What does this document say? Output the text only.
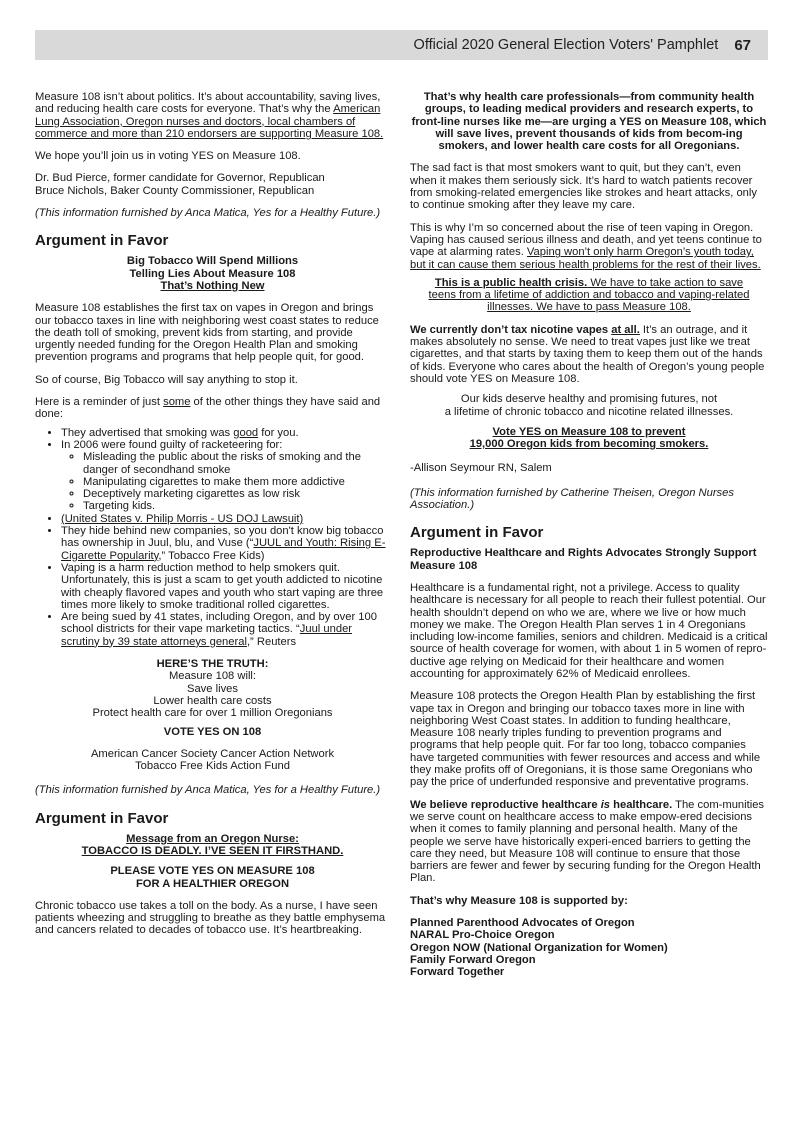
Official 2020 General Election Voters' Pamphlet 67

Measure 108 isn’t about politics. It’s about accountability, saving lives, and reducing health care costs for everyone. That’s why the American Lung Association, Oregon nurses and doctors, local chambers of commerce and more than 210 endorsers are supporting Measure 108.

We hope you’ll join us in voting YES on Measure 108.

Dr. Bud Pierce, former candidate for Governor, Republican
Bruce Nichols, Baker County Commissioner, Republican

(This information furnished by Anca Matica, Yes for a Healthy Future.)

Argument in Favor

Big Tobacco Will Spend Millions
Telling Lies About Measure 108
That’s Nothing New

Measure 108 establishes the first tax on vapes in Oregon and brings our tobacco taxes in line with neighboring west coast states to reduce the death toll of smoking, prevent kids from starting, and provide urgently needed funding for the Oregon Health Plan and smoking prevention programs and programs that help people quit, for good.

So of course, Big Tobacco will say anything to stop it.

Here is a reminder of just some of the other things they have said and done:

• They advertised that smoking was good for you.
• In 2006 were found guilty of racketeering for:
◦ Misleading the public about the risks of smoking and the danger of secondhand smoke
◦ Manipulating cigarettes to make them more addictive
◦ Deceptively marketing cigarettes as low risk
◦ Targeting kids.
• (United States v. Philip Morris - US DOJ Lawsuit)
• They hide behind new companies, so you don't know big tobacco has ownership in Juul, blu, and Vuse (“JUUL and Youth: Rising E-Cigarette Popularity,” Tobacco Free Kids)
• Vaping is a harm reduction method to help smokers quit. Unfortunately, this is just a scam to get youth addicted to nicotine with cheaply flavored vapes and youth who start vaping are three times more likely to smoke traditional rolled cigarettes.
• Are being sued by 41 states, including Oregon, and by over 100 school districts for their vape marketing tactics. “Juul under scrutiny by 39 state attorneys general,” Reuters

HERE’S THE TRUTH:
Measure 108 will:
Save lives
Lower health care costs
Protect health care for over 1 million Oregonians

VOTE YES ON 108

American Cancer Society Cancer Action Network
Tobacco Free Kids Action Fund

(This information furnished by Anca Matica, Yes for a Healthy Future.)

Argument in Favor

Message from an Oregon Nurse:
TOBACCO IS DEADLY. I’VE SEEN IT FIRSTHAND.

PLEASE VOTE YES ON MEASURE 108
FOR A HEALTHIER OREGON

Chronic tobacco use takes a toll on the body. As a nurse, I have seen patients wheezing and struggling to breathe as they battle emphysema and cancers related to decades of tobacco use. It’s heartbreaking.

That’s why health care professionals—from community health groups, to leading medical providers and research experts, to front-line nurses like me—are urging a YES on Measure 108, which will save lives, prevent thousands of kids from becom-ing smokers, and lower health care costs for all Oregonians.

The sad fact is that most smokers want to quit, but they can’t, even when it makes them seriously sick. It’s hard to watch patients recover from smoking-related emergencies like strokes and heart attacks, only to continue smoking after they leave my care.

This is why I’m so concerned about the rise of teen vaping in Oregon. Vaping has caused serious illness and death, and yet teens continue to vape at alarming rates. Vaping won’t only harm Oregon’s youth today, but it can cause them serious health problems for the rest of their lives.

This is a public health crisis. We have to take action to save teens from a lifetime of addiction and tobacco and vaping-related illnesses. We have to pass Measure 108.

We currently don’t tax nicotine vapes at all. It’s an outrage, and it makes absolutely no sense. We need to treat vapes just like we treat cigarettes, and that starts by taxing them to keep them out of the hands of kids. Everyone who cares about the health of Oregon’s young people should vote YES on Measure 108.

Our kids deserve healthy and promising futures, not
a lifetime of chronic tobacco and nicotine related illnesses.

Vote YES on Measure 108 to prevent
19,000 Oregon kids from becoming smokers.

-Allison Seymour RN, Salem

(This information furnished by Catherine Theisen, Oregon Nurses Association.)

Argument in Favor

Reproductive Healthcare and Rights Advocates Strongly Support Measure 108

Healthcare is a fundamental right, not a privilege. Access to quality healthcare is necessary for all people to reach their fullest potential. Our health shouldn’t depend on who we are, where we live or how much money we make. The Oregon Health Plan serves 1 in 4 Oregonians including low-income families, seniors and children. Medicaid is a critical source of health coverage for women, with about 1 in 5 women of repro-ductive age relying on Medicaid for their healthcare and women accounting for approximately 62% of Medicaid enrollees.

Measure 108 protects the Oregon Health Plan by establishing the first vape tax in Oregon and bringing our tobacco taxes more in line with neighboring West Coast states. In addition to funding healthcare, Measure 108 nearly triples funding to prevention programs and programs that help people quit. For far too long, tobacco companies have targeted communities with fewer resources and access and while they make profits off of Oregonians, it is those same Oregonians who pay the price of underfunded responsive and preventative programs.

We believe reproductive healthcare is healthcare. The com-munities we serve count on healthcare access to make empow-ered decisions when it comes to family planning and personal health. Many of the people we serve have historically experi-enced barriers to getting the care they need, but Measure 108 will continue to ensure that those barriers are fewer and fewer by securing funding for the Oregon Health Plan.

That’s why Measure 108 is supported by:

Planned Parenthood Advocates of Oregon
NARAL Pro-Choice Oregon
Oregon NOW (National Organization for Women)
Family Forward Oregon
Forward Together
